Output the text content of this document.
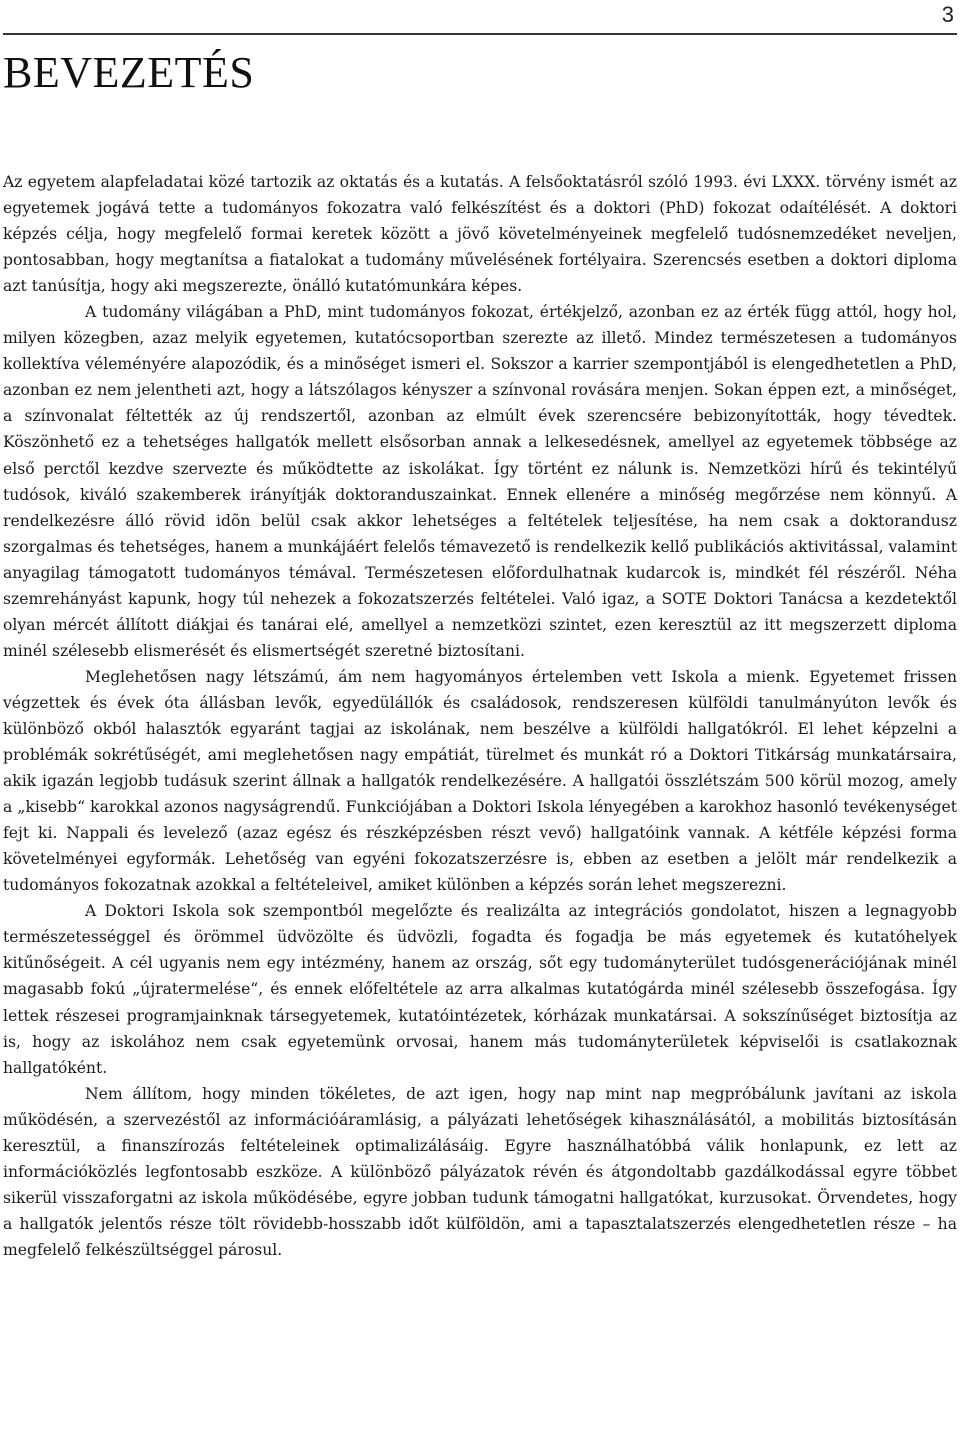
3
BEVEZETÉS

Az egyetem alapfeladatai közé tartozik az oktatás és a kutatás. A felsőoktatásról szóló 1993. évi LXXX. törvény ismét az egyetemek jogává tette a tudományos fokozatra való felkészítést és a doktori (PhD) fokozat odaítélését. A doktori képzés célja, hogy megfelelő formai keretek között a jövő követelményeinek megfelelő tudósnemzedéket neveljen, pontosabban, hogy megtanítsa a fiatalokat a tudomány művelésének fortélyaira. Szerencsés esetben a doktori diploma azt tanúsítja, hogy aki megszerezte, önálló kutatómunkára képes.

A tudomány világában a PhD, mint tudományos fokozat, értékjelző, azonban ez az érték függ attól, hogy hol, milyen közegben, azaz melyik egyetemen, kutatócsoportban szerezte az illető. Mindez természetesen a tudományos kollektíva véleményére alapozódik, és a minőséget ismeri el. Sokszor a karrier szempontjából is elengedhetetlen a PhD, azonban ez nem jelentheti azt, hogy a látszólagos kényszer a színvonal rovására menjen. Sokan éppen ezt, a minőséget, a színvonalat féltették az új rendszertől, azonban az elmúlt évek szerencsére bebizonyították, hogy tévedtek. Köszönhető ez a tehetséges hallgatók mellett elsősorban annak a lelkesedésnek, amellyel az egyetemek többsége az első perctől kezdve szervezte és működtette az iskolákat. Így történt ez nálunk is. Nemzetközi hírű és tekintélyű tudósok, kiváló szakemberek irányítják doktoranduszainkat. Ennek ellenére a minőség megőrzése nem könnyű. A rendelkezésre álló rövid idõn belül csak akkor lehetséges a feltételek teljesítése, ha nem csak a doktorandusz szorgalmas és tehetséges, hanem a munkájáért felelős témavezető is rendelkezik kellő publikációs aktivitással, valamint anyagilag támogatott tudományos témával. Természetesen előfordulhatnak kudarcok is, mindkét fél részéről. Néha szemrehányást kapunk, hogy túl nehezek a fokozatszerzés feltételei. Való igaz, a SOTE Doktori Tanácsa a kezdetektől olyan mércét állított diákjai és tanárai elé, amellyel a nemzetközi szintet, ezen keresztül az itt megszerzett diploma minél szélesebb elismerését és elismertségét szeretné biztosítani.

Meglehetősen nagy létszámú, ám nem hagyományos értelemben vett Iskola a mienk. Egyetemet frissen végzettek és évek óta állásban levők, egyedülállók és családosok, rendszeresen külföldi tanulmányúton levők és különböző okból halasztók egyaránt tagjai az iskolának, nem beszélve a külföldi hallgatókról. El lehet képzelni a problémák sokrétűségét, ami meglehetősen nagy empátiát, türelmet és munkát ró a Doktori Titkárság munkatársaira, akik igazán legjobb tudásuk szerint állnak a hallgatók rendelkezésére. A hallgatói összlétszám 500 körül mozog, amely a „kisebb“ karokkal azonos nagyságrendű. Funkciójában a Doktori Iskola lényegében a karokhoz hasonló tevékenységet fejt ki. Nappali és levelező (azaz egész és részképzésben részt vevő) hallgatóink vannak. A kétféle képzési forma követelményei egyformák. Lehetőség van egyéni fokozatszerzésre is, ebben az esetben a jelölt már rendelkezik a tudományos fokozatnak azokkal a feltételeivel, amiket különben a képzés során lehet megszerezni.

A Doktori Iskola sok szempontból megelőzte és realizálta az integrációs gondolatot, hiszen a legnagyobb természetességgel és örömmel üdvözölte és üdvözli, fogadta és fogadja be más egyetemek és kutatóhelyek kitűnőségeit. A cél ugyanis nem egy intézmény, hanem az ország, sőt egy tudományterület tudósgenerációjának minél magasabb fokú „újratermelése“, és ennek előfeltétele az arra alkalmas kutatógárda minél szélesebb összefogása. Így lettek részesei programjainknak társegyetemek, kutatóintézetek, kórházak munkatársai. A sokszínűséget biztosítja az is, hogy az iskolához nem csak egyetemünk orvosai, hanem más tudományterületek képviselői is csatlakoznak hallgatóként.

Nem állítom, hogy minden tökéletes, de azt igen, hogy nap mint nap megpróbálunk javítani az iskola működésén, a szervezéstől az információáramlásig, a pályázati lehetőségek kihasználásától, a mobilitás biztosításán keresztül, a finanszírozás feltételeinek optimalizálásáig. Egyre használhatóbbá válik honlapunk, ez lett az információközlés legfontosabb eszköze. A különböző pályázatok révén és átgondoltabb gazdálkodással egyre többet sikerül visszaforgatni az iskola működésébe, egyre jobban tudunk támogatni hallgatókat, kurzusokat. Örvendetes, hogy a hallgatók jelentős része tölt rövidebb-hosszabb időt külföldön, ami a tapasztalatszerzés elengedhetetlen része – ha megfelelő felkészültséggel párosul.
